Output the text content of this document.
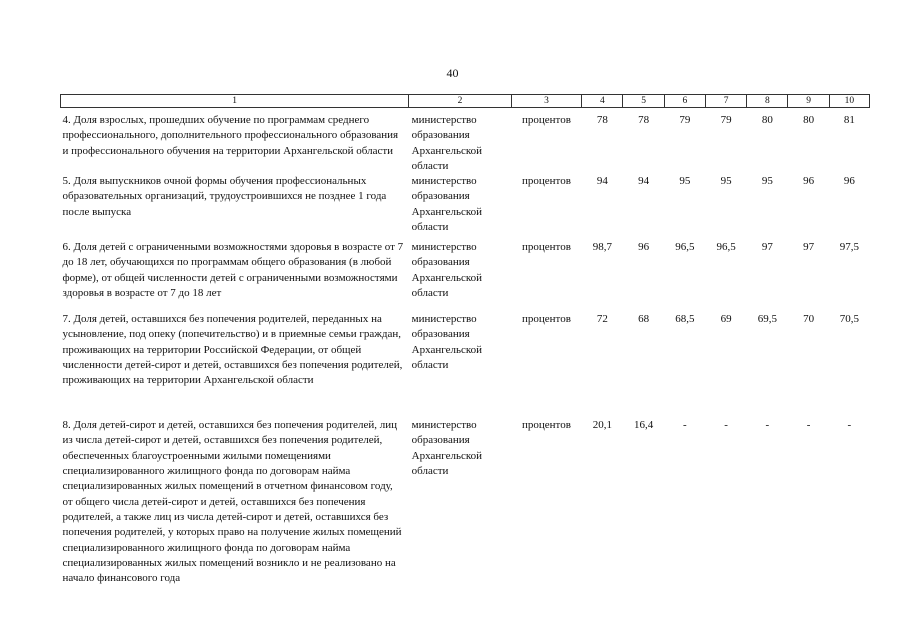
40
1	2	3	4	5	6	7	8	9	10
4. Доля взрослых, прошедших обучение по программам среднего профессионального, дополнительного профессионального образования и профессионального обучения на территории Архангельской области	министерство образования Архангельской области	процентов	78	78	79	79	80	80	81
5. Доля выпускников очной формы обучения профессиональных образовательных организаций, трудоустроившихся не позднее 1 года после выпуска	министерство образования Архангельской области	процентов	94	94	95	95	95	96	96
6. Доля детей с ограниченными возможностями здоровья в возрасте от 7 до 18 лет, обучающихся по программам общего образования (в любой форме), от общей численности детей с ограниченными возможностями здоровья в возрасте от 7 до 18 лет	министерство образования Архангельской области	процентов	98,7	96	96,5	96,5	97	97	97,5
7. Доля детей, оставшихся без попечения родителей, переданных на усыновление, под опеку (попечительство) и в приемные семьи граждан, проживающих на территории Российской Федерации, от общей численности детей-сирот и детей, оставшихся без попечения родителей, проживающих на территории Архангельской области	министерство образования Архангельской области	процентов	72	68	68,5	69	69,5	70	70,5
8. Доля детей-сирот и детей, оставшихся без попечения родителей, лиц из числа детей-сирот и детей, оставшихся без попечения родителей, обеспеченных благоустроенными жилыми помещениями специализированного жилищного фонда по договорам найма специализированных жилых помещений в отчетном финансовом году, от общего числа детей-сирот и детей, оставшихся без попечения родителей, а также лиц из числа детей-сирот и детей, оставшихся без попечения родителей, у которых право на получение жилых помещений специализированного жилищного фонда по договорам найма специализированных жилых помещений возникло и не реализовано на начало финансового года	министерство образования Архангельской области	процентов	20,1	16,4	-	-	-	-	-
